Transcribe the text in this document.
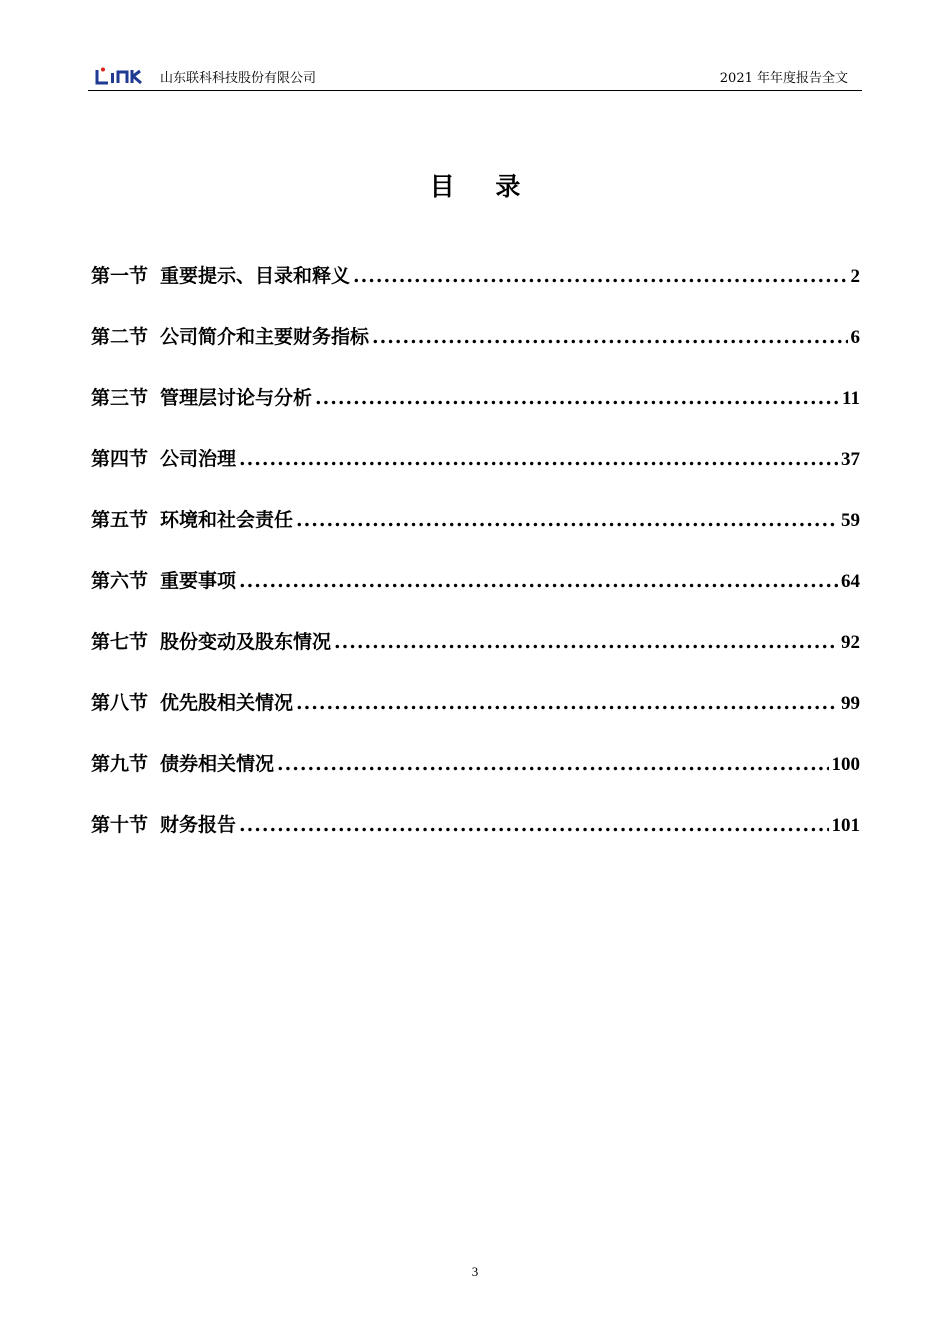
山东联科科技股份有限公司	2021 年年度报告全文
目 录
第一节 重要提示、目录和释义 .....	2
第二节 公司简介和主要财务指标 .....	6
第三节 管理层讨论与分析 .....	11
第四节 公司治理 .....	37
第五节 环境和社会责任 .....	59
第六节 重要事项 .....	64
第七节 股份变动及股东情况 .....	92
第八节 优先股相关情况 .....	99
第九节 债券相关情况 .....	100
第十节 财务报告 .....	101
3
